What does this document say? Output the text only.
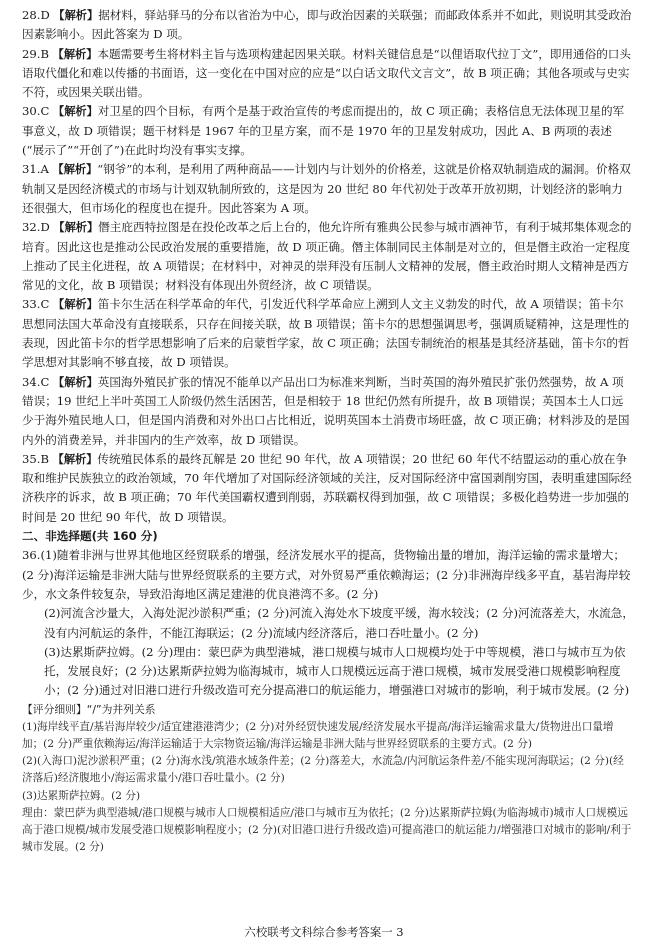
28.D 【解析】据材料，驿站驿马的分布以省治为中心，即与政治因素的关联强；而邮政体系并不如此，则说明其受政治因素影响小。因此答案为 D 项。

29.B 【解析】本题需要考生将材料主旨与选项构建起因果关联。材料关键信息是“以俚语取代拉丁文”，即用通俗的口头语取代僵化和难以传播的书面语，这一变化在中国对应的应是“以白话文取代文言文”，故 B 项正确；其他各项或与史实不符，或因果关联出错。

30.C 【解析】对卫星的四个目标，有两个是基于政治宣传的考虑而提出的，故 C 项正确；表格信息无法体现卫星的军事意义，故 D 项错误；题干材料是 1967 年的卫星方案，而不是 1970 年的卫星发射成功，因此 A、B 两项的表述(“展示了”“开创了”)在此时均没有事实支撑。

31.A 【解析】“钢爷”的本利，是利用了两种商品——计划内与计划外的价格差，这就是价格双轨制造成的漏洞。价格双轨制又是因经济模式的市场与计划双轨制所致的，这是因为 20 世纪 80 年代初处于改革开放初期，计划经济的影响力还很强大，但市场化的程度也在提升。因此答案为 A 项。

32.D 【解析】僭主庇西特拉图是在投伦改革之后上台的，他允许所有雅典公民参与城市酒神节，有利于城邦集体观念的培育。因此这也是推动公民政治发展的重要措施，故 D 项正确。僭主体制同民主体制是对立的，但是僭主政治一定程度上推动了民主化进程，故 A 项错误；在材料中，对神灵的崇拜没有压制人文精神的发展，僭主政治时期人文精神是西方常见的文化，故 B 项错误；材料没有体现出外贸经济，故 C 项错误。

33.C 【解析】笛卡尔生活在科学革命的年代，引发近代科学革命应上溯到人文主义勃发的时代，故 A 项错误；笛卡尔思想同法国大革命没有直接联系，只存在间接关联，故 B 项错误；笛卡尔的思想强调思考，强调质疑精神，这是理性的表现，因此笛卡尔的哲学思想影响了后来的启蒙哲学家，故 C 项正确；法国专制统治的根基是其经济基础，笛卡尔的哲学思想对其影响不够直接，故 D 项错误。

34.C 【解析】英国海外殖民扩张的情况不能单以产品出口为标准来判断，当时英国的海外殖民扩张仍然强势，故 A 项错误；19 世纪上半叶英国工人阶级仍然生活困苦，但是相较于 18 世纪仍然有所提升，故 B 项错误；英国本土人口远少于海外殖民地人口，但是国内消费和对外出口占比相近，说明英国本土消费市场旺盛，故 C 项正确；材料涉及的是国内外的消费差异，并非国内的生产效率，故 D 项错误。

35.B 【解析】传统殖民体系的最终瓦解是 20 世纪 90 年代，故 A 项错误；20 世纪 60 年代不结盟运动的重心放在争取和维护民族独立的政治领域，70 年代增加了对国际经济领域的关注，反对国际经济中富国剥削穷国，表明重建国际经济秩序的诉求，故 B 项正确；70 年代美国霸权遭到削弱，苏联霸权得到加强，故 C 项错误；多极化趋势进一步加强的时间是 20 世纪 90 年代，故 D 项错误。

二、非选择题(共 160 分)

36.(1)随着非洲与世界其他地区经贸联系的增强，经济发展水平的提高，货物输出量的增加，海洋运输的需求量增大；(2 分)海洋运输是非洲大陆与世界经贸联系的主要方式，对外贸易严重依赖海运；(2 分)非洲海岸线多平直，基岩海岸较少，水文条件较复杂，导致沿海地区满足建港的优良港湾不多。(2 分)

(2)河流含沙量大，入海处泥沙淤积严重；(2 分)河流入海处水下坡度平缓，海水较浅；(2 分)河流落差大，水流急，没有内河航运的条件，不能江海联运；(2 分)流域内经济落后，港口吞吐量小。(2 分)

(3)达累斯萨拉姆。(2 分)理由：蒙巴萨为典型港城，港口规模与城市人口规模均处于中等规模，港口与城市互为依托，发展良好；(2 分)达累斯萨拉姆为临海城市，城市人口规模远远高于港口规模，城市发展受港口规模影响程度小；(2 分)通过对旧港口进行升级改造可充分提高港口的航运能力，增强港口对城市的影响，利于城市发展。(2 分)

【评分细则】“/”为并列关系

(1)海岸线平直/基岩海岸较少/适宜建港港湾少；(2 分)对外经贸快速发展/经济发展水平提高/海洋运输需求量大/货物进出口量增加；(2 分)严重依赖海运/海洋运输适于大宗物资运输/海洋运输是非洲大陆与世界经贸联系的主要方式。(2 分)

(2)(入海口)泥沙淤积严重；(2 分)海水浅/筑港水域条件差；(2 分)落差大，水流急/内河航运条件差/不能实现河海联运；(2 分)(经济落后)经济腹地小/海运需求量小/港口吞吐量小。(2 分)

(3)达累斯萨拉姆。(2 分)

理由：蒙巴萨为典型港城/港口规模与城市人口规模相适应/港口与城市互为依托；(2 分)达累斯萨拉姆(为临海城市)城市人口规模远高于港口规模/城市发展受港口规模影响程度小；(2 分)(对旧港口进行升级改造)可提高港口的航运能力/增强港口对城市的影响/利于城市发展。(2 分)

六校联考文科综合参考答案一 3
